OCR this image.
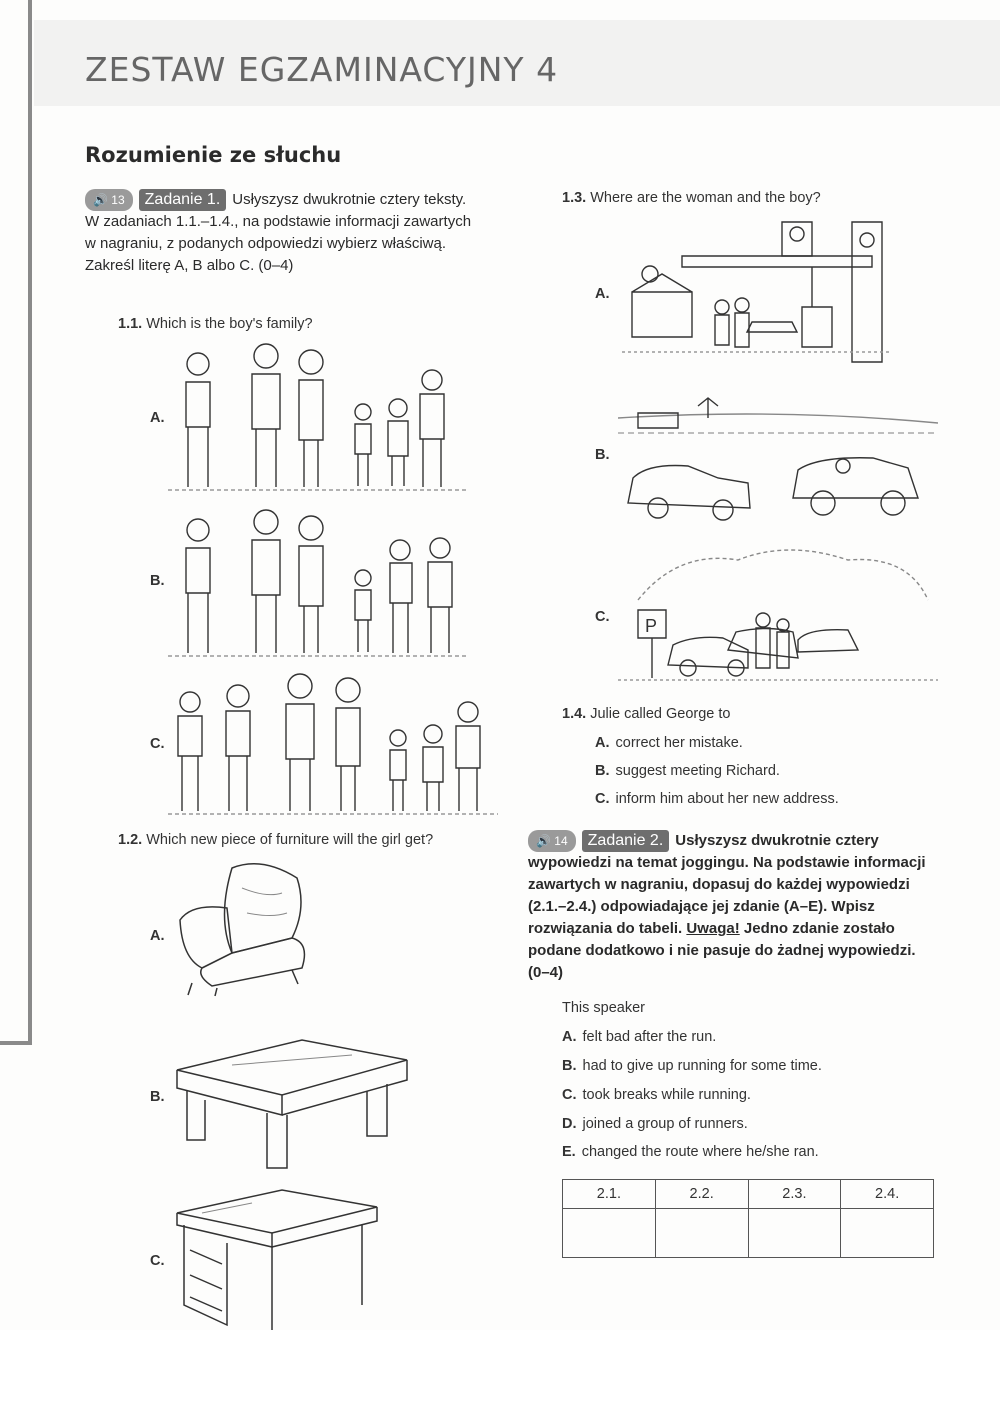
ZESTAW EGZAMINACYJNY 4
Rozumienie ze słuchu
🔊 13 Zadanie 1. Usłyszysz dwukrotnie cztery teksty. W zadaniach 1.1.–1.4., na podstawie informacji zawartych w nagraniu, z podanych odpowiedzi wybierz właściwą. Zakreśl literę A, B albo C. (0–4)
1.1. Which is the boy's family?
A.
B.
C.
1.2. Which new piece of furniture will the girl get?
A.
B.
C.
1.3. Where are the woman and the boy?
A.
B.
C. P
1.4. Julie called George to
A. correct her mistake.
B. suggest meeting Richard.
C. inform him about her new address.
🔊 14 Zadanie 2. Usłyszysz dwukrotnie cztery wypowiedzi na temat joggingu. Na podstawie informacji zawartych w nagraniu, dopasuj do każdej wypowiedzi (2.1.–2.4.) odpowiadające jej zdanie (A–E). Wpisz rozwiązania do tabeli. Uwaga! Jedno zdanie zostało podane dodatkowo i nie pasuje do żadnej wypowiedzi. (0–4)
This speaker
A. felt bad after the run.
B. had to give up running for some time.
C. took breaks while running.
D. joined a group of runners.
E. changed the route where he/she ran.
2.1.	2.2.	2.3.	2.4.
